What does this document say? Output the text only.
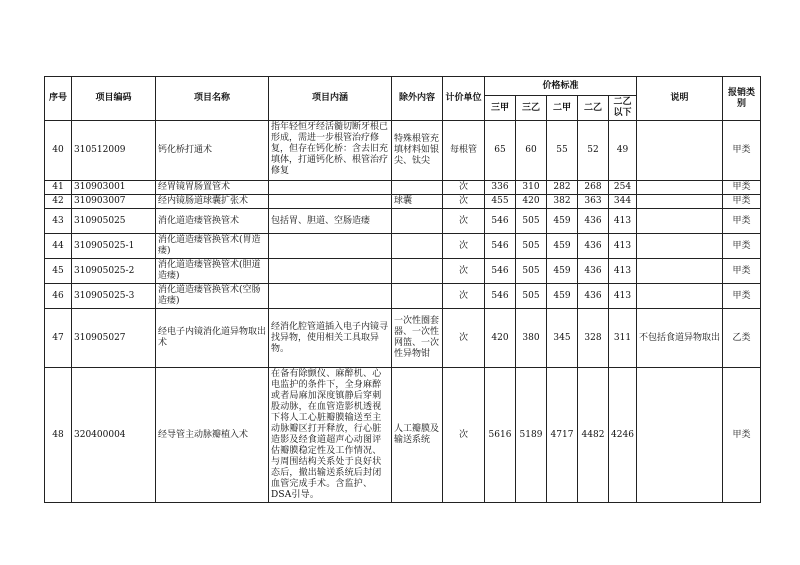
序号	项目编码	项目名称	项目内涵	除外内容	计价单位	价格标准					说明	报销类别
						三甲	三乙	二甲	二乙	二乙以下		
40	310512009	钙化桥打通术	指年轻恒牙经活髓切断牙根已形成，需进一步根管治疗修复，但存在钙化桥：含去旧充填体，打通钙化桥、根管治疗修复	特殊根管充填材料如银尖、钛尖	每根管	65	60	55	52	49		甲类
41	310903001	经胃镜胃肠置管术			次	336	310	282	268	254		甲类
42	310903007	经内镜肠道球囊扩张术		球囊	次	455	420	382	363	344		甲类
43	310905025	消化道造瘘管换管术	包括胃、胆道、空肠造瘘		次	546	505	459	436	413		甲类
44	310905025-1	消化道造瘘管换管术(胃造瘘)			次	546	505	459	436	413		甲类
45	310905025-2	消化道造瘘管换管术(胆道造瘘)			次	546	505	459	436	413		甲类
46	310905025-3	消化道造瘘管换管术(空肠造瘘)			次	546	505	459	436	413		甲类
47	310905027	经电子内镜消化道异物取出术	经消化腔管道插入电子内镜寻找异物，使用相关工具取异物。	一次性圈套器、一次性网篮、一次性异物钳	次	420	380	345	328	311	不包括食道异物取出	乙类
48	320400004	经导管主动脉瓣植入术	在备有除颤仪、麻醉机、心电监护的条件下，全身麻醉或者局麻加深度镇静后穿刺股动脉，在血管造影机透视下将人工心脏瓣膜输送至主动脉瓣区打开释放，行心脏造影及经食道超声心动图评估瓣膜稳定性及工作情况、与周围结构关系处于良好状态后，撤出输送系统后封闭血管完成手术。含监护、DSA引导。	人工瓣膜及输送系统	次	5616	5189	4717	4482	4246		甲类
